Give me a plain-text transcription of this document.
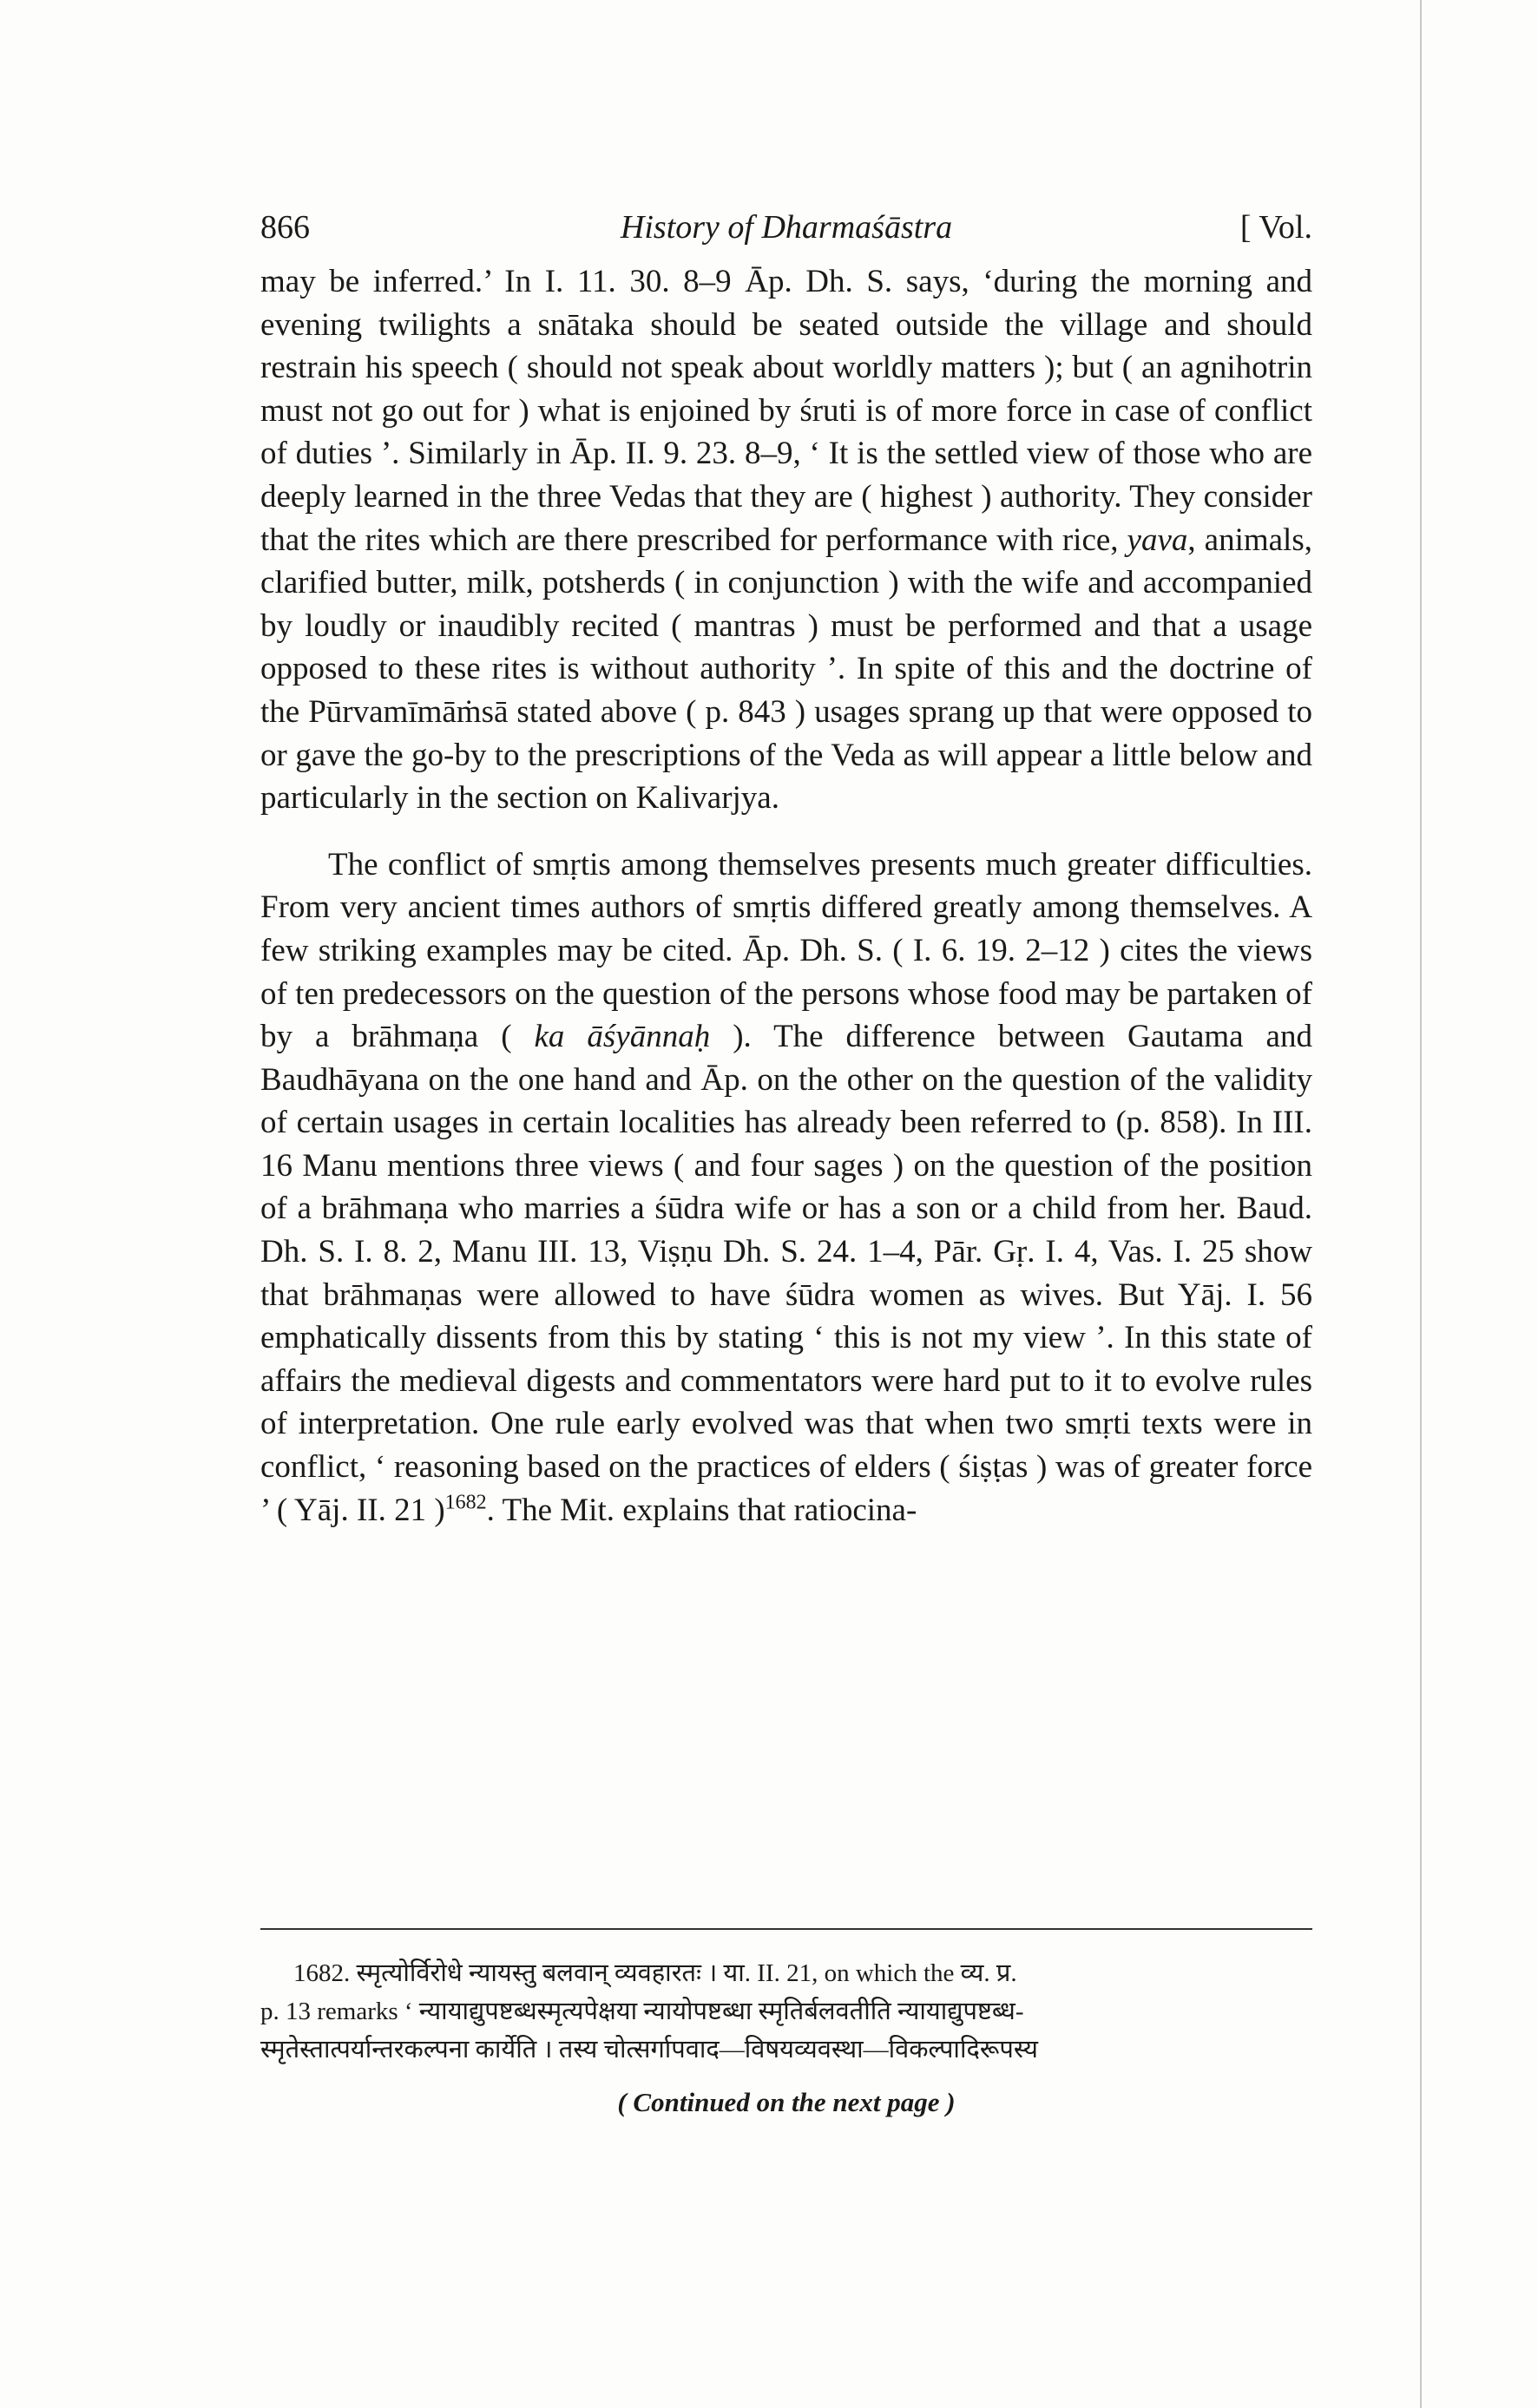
866	History of Dharmaśāstra	[ Vol.

may be inferred.’ In I. 11. 30. 8–9 Āp. Dh. S. says, ‘during the morning and evening twilights a snātaka should be seated outside the village and should restrain his speech ( should not speak about worldly matters ); but ( an agnihotrin must not go out for ) what is enjoined by śruti is of more force in case of conflict of duties ’. Similarly in Āp. II. 9. 23. 8–9, ‘ It is the settled view of those who are deeply learned in the three Vedas that they are ( highest ) authority. They consider that the rites which are there prescribed for performance with rice, yava, animals, clarified butter, milk, potsherds ( in conjunction ) with the wife and accompanied by loudly or inaudibly recited ( mantras ) must be performed and that a usage opposed to these rites is without authority ’. In spite of this and the doctrine of the Pūrvamīmāṁsā stated above ( p. 843 ) usages sprang up that were opposed to or gave the go-by to the prescriptions of the Veda as will appear a little below and particularly in the section on Kalivarjya.

The conflict of smṛtis among themselves presents much greater difficulties. From very ancient times authors of smṛtis differed greatly among themselves. A few striking examples may be cited. Āp. Dh. S. ( I. 6. 19. 2–12 ) cites the views of ten predecessors on the question of the persons whose food may be partaken of by a brāhmaṇa ( ka āśyānnaḥ ). The difference between Gautama and Baudhāyana on the one hand and Āp. on the other on the question of the validity of certain usages in certain localities has already been referred to (p. 858). In III. 16 Manu mentions three views ( and four sages ) on the question of the position of a brāhmaṇa who marries a śūdra wife or has a son or a child from her. Baud. Dh. S. I. 8. 2, Manu III. 13, Viṣṇu Dh. S. 24. 1–4, Pār. Gṛ. I. 4, Vas. I. 25 show that brāhmaṇas were allowed to have śūdra women as wives. But Yāj. I. 56 emphatically dissents from this by stating ‘ this is not my view ’. In this state of affairs the medieval digests and commentators were hard put to it to evolve rules of interpretation. One rule early evolved was that when two smṛti texts were in conflict, ‘ reasoning based on the practices of elders ( śiṣṭas ) was of greater force ’ ( Yāj. II. 21 )$^{1682}$. The Mit. explains that ratiocina-

1682. स्मृत्योर्विरोधे न्यायस्तु बलवान् व्यवहारतः । या. II. 21, on which the व्य. प्र.

p. 13 remarks ‘ न्यायाद्युपष्टब्धस्मृत्यपेक्षया न्यायोपष्टब्धा स्मृतिर्बलवतीति न्यायाद्युपष्टब्ध-

स्मृतेस्तात्पर्यान्तरकल्पना कार्येति । तस्य चोत्सर्गापवाद—विषयव्यवस्था—विकल्पादिरूपस्य

( Continued on the next page )
